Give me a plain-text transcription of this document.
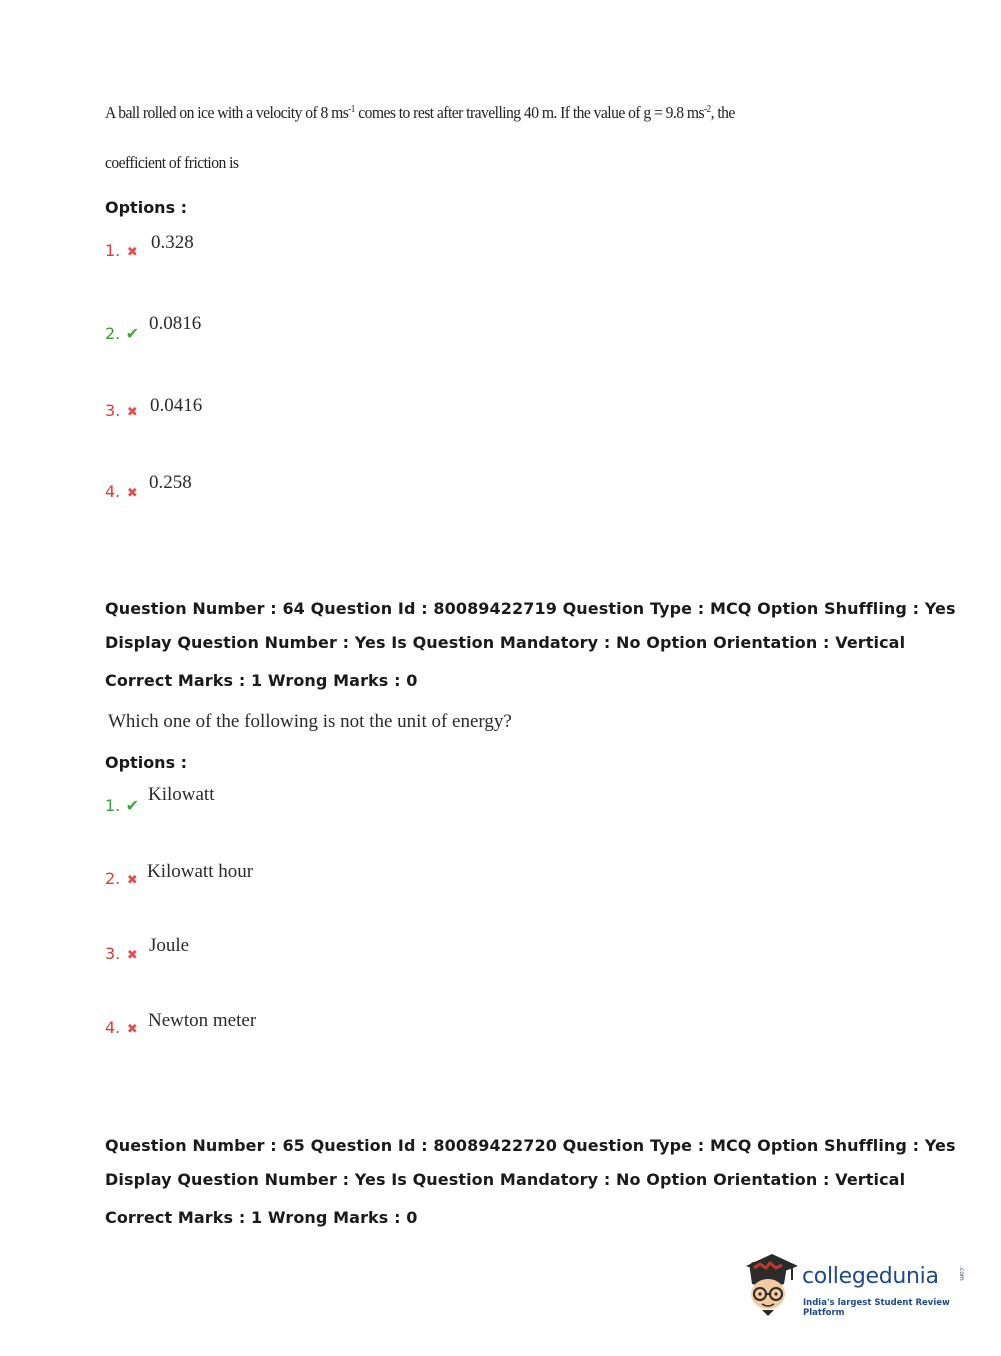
A ball rolled on ice with a velocity of 8 $ms^{-1}$ comes to rest after travelling 40 m. If the value of g = 9.8 $ms^{-2}$, the
coefficient of friction is
Options :
1. ✖ 0.328
2. ✔ 0.0816
3. ✖ 0.0416
4. ✖
0.258
Question Number : 64 Question Id : 80089422719 Question Type : MCQ Option Shuffling : Yes
Display Question Number : Yes Is Question Mandatory : No Option Orientation : Vertical
Correct Marks : 1 Wrong Marks : 0
Which one of the following is not the unit of energy?
Options :
1. ✔
Kilowatt
2. ✖ Kilowatt hour
3. ✖ Joule
4. ✖ Newton meter
Question Number : 65 Question Id : 80089422720 Question Type : MCQ Option Shuffling : Yes
Display Question Number : Yes Is Question Mandatory : No Option Orientation : Vertical
Correct Marks : 1 Wrong Marks : 0
collegedunia	.com
India's largest Student Review Platform
